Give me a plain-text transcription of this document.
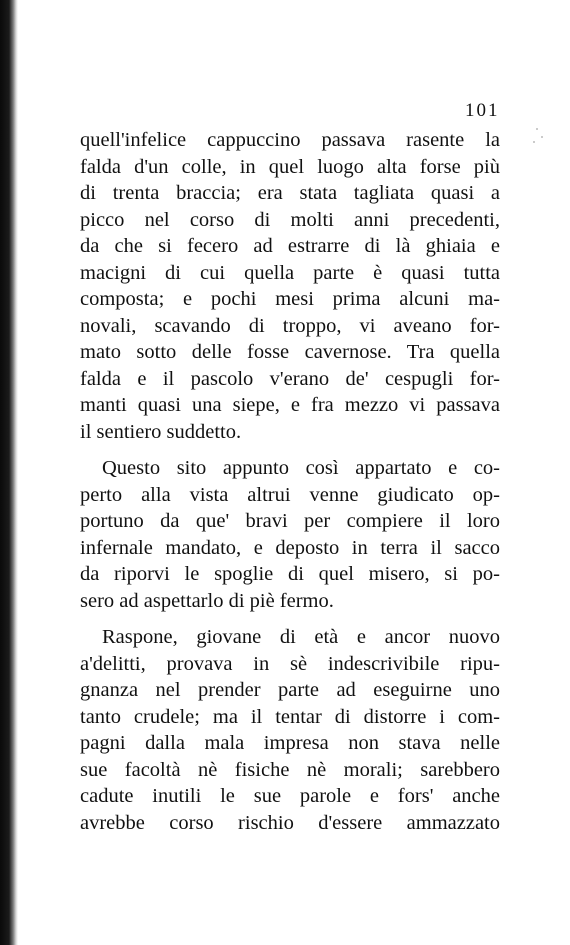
101
quell'infelice cappuccino passava rasente la
falda d'un colle, in quel luogo alta forse più
di trenta braccia; era stata tagliata quasi a
picco nel corso di molti anni precedenti,
da che si fecero ad estrarre di là ghiaia e
macigni di cui quella parte è quasi tutta
composta; e pochi mesi prima alcuni ma-
novali, scavando di troppo, vi aveano for-
mato sotto delle fosse cavernose. Tra quella
falda e il pascolo v'erano de' cespugli for-
manti quasi una siepe, e fra mezzo vi passava
il sentiero suddetto.
Questo sito appunto così appartato e co-
perto alla vista altrui venne giudicato op-
portuno da que' bravi per compiere il loro
infernale mandato, e deposto in terra il sacco
da riporvi le spoglie di quel misero, si po-
sero ad aspettarlo di piè fermo.
Raspone, giovane di età e ancor nuovo
a'delitti, provava in sè indescrivibile ripu-
gnanza nel prender parte ad eseguirne uno
tanto crudele; ma il tentar di distorre i com-
pagni dalla mala impresa non stava nelle
sue facoltà nè fisiche nè morali; sarebbero
cadute inutili le sue parole e fors' anche
avrebbe corso rischio d'essere ammazzato
